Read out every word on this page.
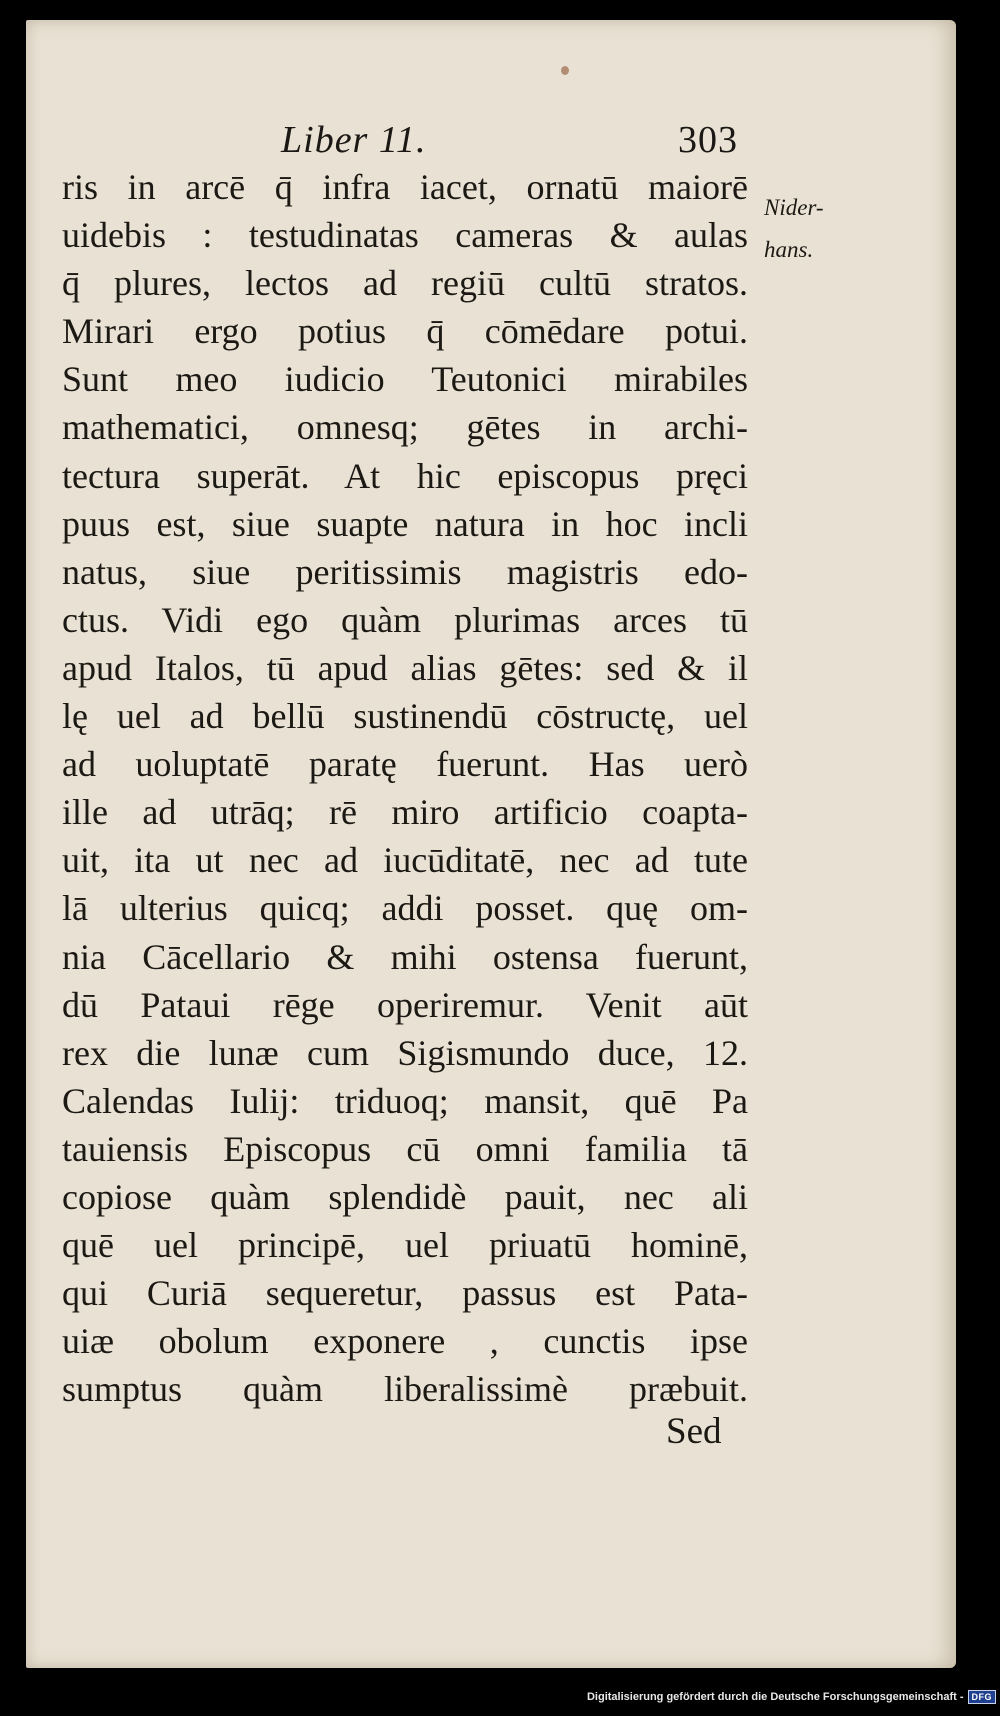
Liber 11.	303
ris in arcē q̄ infra iacet, ornatū maiorē
uidebis : testudinatas cameras & aulas
q̄ plures, lectos ad regiū cultū stratos.
Mirari ergo potius q̄ cōmēdare potui.
Sunt meo iudicio Teutonici mirabiles
mathematici, omnesq; gētes in archi-
tectura superāt. At hic episcopus pręci
puus est, siue suapte natura in hoc incli
natus, siue peritissimis magistris edo-
ctus. Vidi ego quàm plurimas arces tū
apud Italos, tū apud alias gētes: sed & il
lę uel ad bellū sustinendū cōstructę, uel
ad uoluptatē paratę fuerunt. Has uerò
ille ad utrāq; rē miro artificio coapta-
uit, ita ut nec ad iucūditatē, nec ad tute
lā ulterius quicq; addi posset. quę om-
nia Cācellario & mihi ostensa fuerunt,
dū Pataui rēge operiremur. Venit aūt
rex die lunæ cum Sigismundo duce, 12.
Calendas Iulij: triduoq; mansit, quē Pa
tauiensis Episcopus cū omni familia tā
copiose quàm splendidè pauit, nec ali
quē uel principē, uel priuatū hominē,
qui Curiā sequeretur, passus est Pata-
uiæ obolum exponere , cunctis ipse
sumptus quàm liberalissimè præbuit.
Sed
Nider-
hans.
Digitalisierung gefördert durch die Deutsche Forschungsgemeinschaft - DFG
